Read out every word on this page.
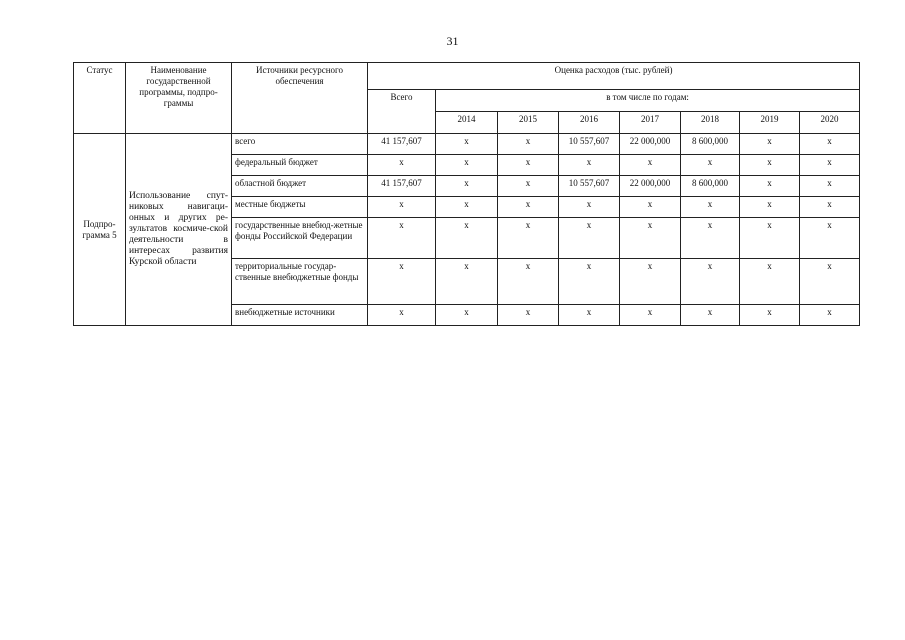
31
Статус	Наименование государственной программы, подпро-граммы	Источники ресурсного обеспечения	Оценка расходов (тыс. рублей)							
			Всего	в том числе по годам:						
				2014	2015	2016	2017	2018	2019	2020
Подпро-грамма 5	Использование спут-никовых навигаци-онных и других ре-зультатов космиче-ской деятельности в интересах развития Курской области	всего	41 157,607	x	x	10 557,607	22 000,000	8 600,000	x	x
		федеральный бюджет	x	x	x	x	x	x	x	x
		областной бюджет	41 157,607	x	x	10 557,607	22 000,000	8 600,000	x	x
		местные бюджеты	x	x	x	x	x	x	x	x
		государственные внебюд-жетные фонды Российской Федерации	x	x	x	x	x	x	x	x
		территориальные государ-ственные внебюджетные фонды	x	x	x	x	x	x	x	x
		внебюджетные источники	x	x	x	x	x	x	x	x
